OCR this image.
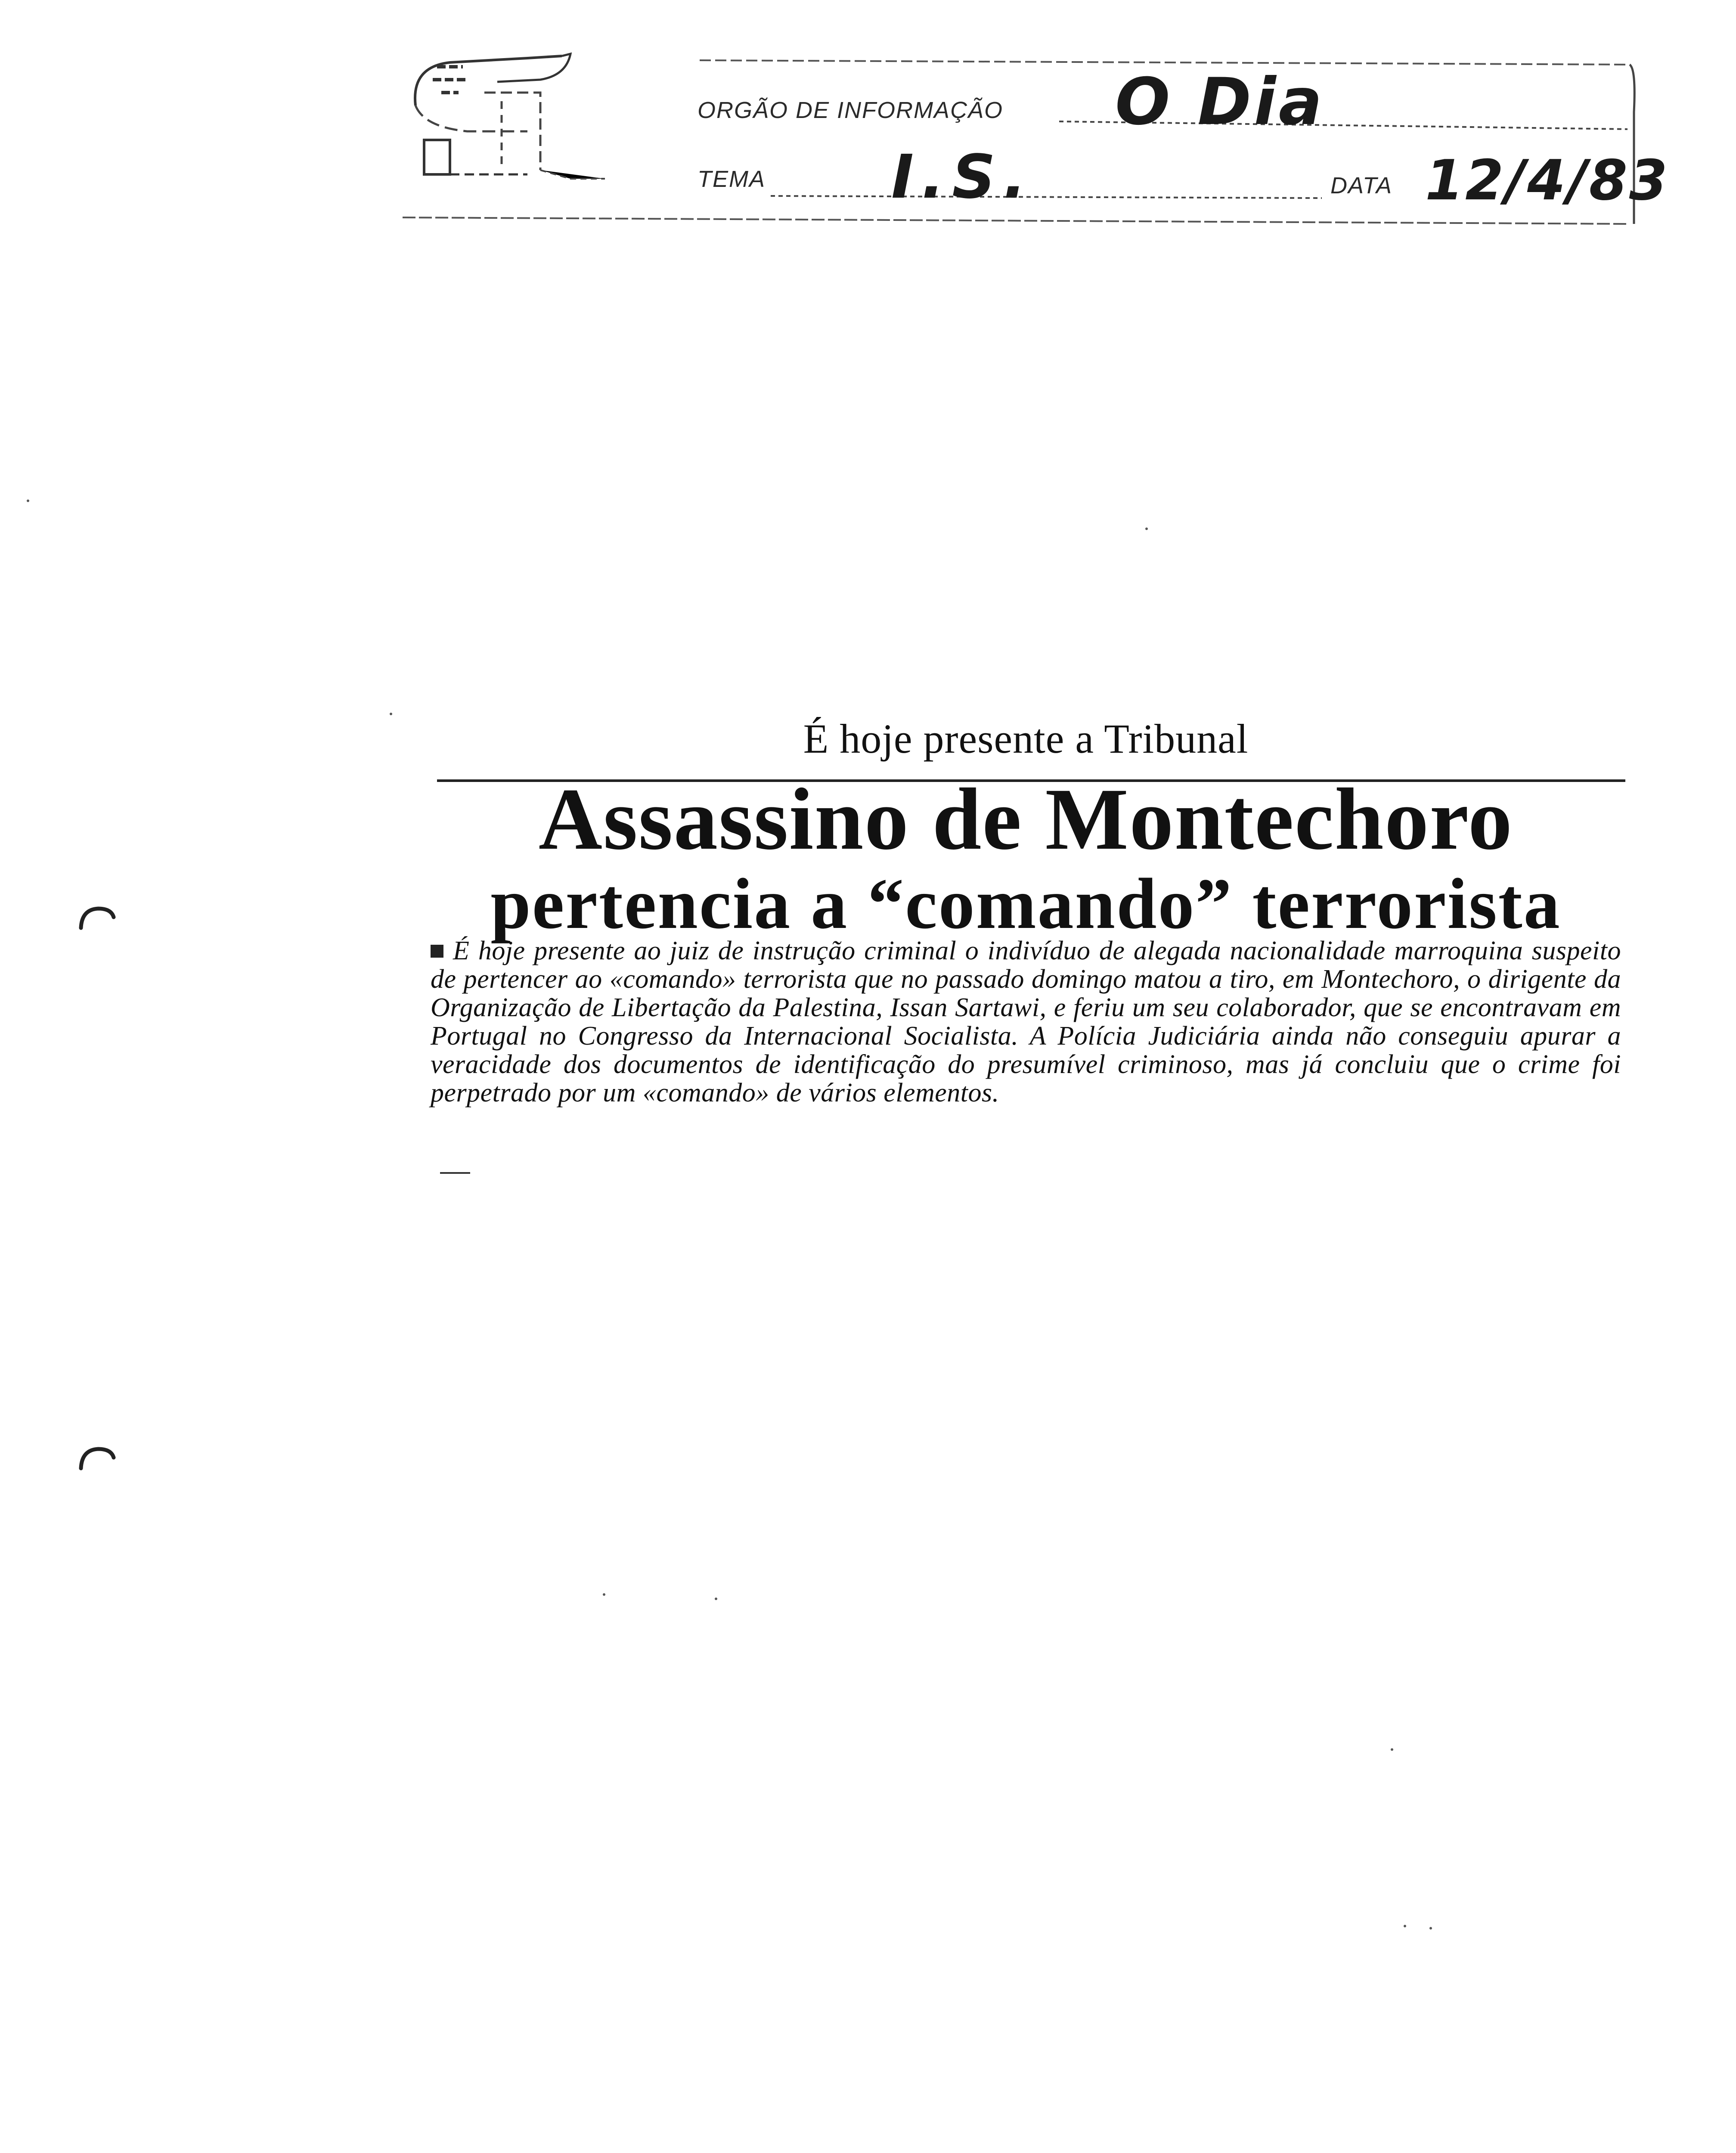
ORGÃO DE INFORMAÇÃO O Dia
TEMA I.S.	DATA 12/4/83
É hoje presente a Tribunal
Assassino de Montechoro
pertencia a “comando” terrorista
É hoje presente ao juiz de instrução criminal o indivíduo de alegada nacionalidade marroquina suspeito de pertencer ao «comando» terrorista que no passado domingo matou a tiro, em Montechoro, o dirigente da Organização de Libertação da Palestina, Issan Sartawi, e feriu um seu colaborador, que se encontravam em Portugal no Congresso da Internacional Socialista. A Polícia Judiciária ainda não conseguiu apurar a veracidade dos documentos de identificação do presumível criminoso, mas já concluiu que o crime foi perpetrado por um «comando» de vários elementos.
